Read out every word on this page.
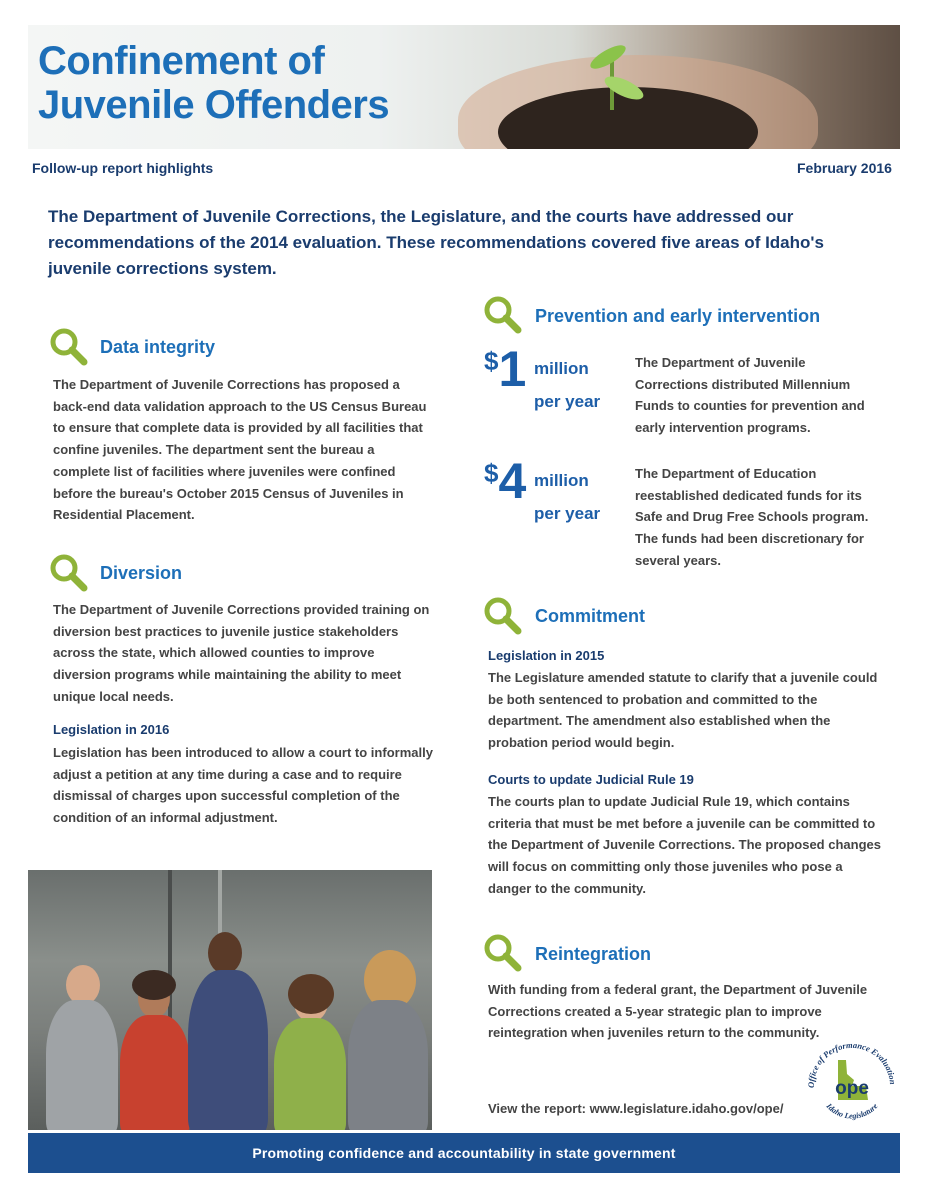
Confinement of
Juvenile Offenders
Follow-up report highlights	February 2016

The Department of Juvenile Corrections, the Legislature, and the courts have addressed our recommendations of the 2014 evaluation. These recommendations covered five areas of Idaho's juvenile corrections system.

Data integrity

The Department of Juvenile Corrections has proposed a back-end data validation approach to the US Census Bureau to ensure that complete data is provided by all facilities that confine juveniles. The department sent the bureau a complete list of facilities where juveniles were confined before the bureau's October 2015 Census of Juveniles in Residential Placement.

Diversion

The Department of Juvenile Corrections provided training on diversion best practices to juvenile justice stakeholders across the state, which allowed counties to improve diversion programs while maintaining the ability to meet unique local needs.

Legislation in 2016

Legislation has been introduced to allow a court to informally adjust a petition at any time during a case and to require dismissal of charges upon successful completion of the condition of an informal adjustment.

Prevention and early intervention
$1 million
per year

The Department of Juvenile Corrections distributed Millennium Funds to counties for prevention and early intervention programs.

$4 million
per year

The Department of Education reestablished dedicated funds for its Safe and Drug Free Schools program. The funds had been discretionary for several years.

Commitment
Legislation in 2015

The Legislature amended statute to clarify that a juvenile could be both sentenced to probation and committed to the department. The amendment also established when the probation period would begin.

Courts to update Judicial Rule 19

The courts plan to update Judicial Rule 19, which contains criteria that must be met before a juvenile can be committed to the Department of Juvenile Corrections. The proposed changes will focus on committing only those juveniles who pose a danger to the community.

Reintegration

With funding from a federal grant, the Department of Juvenile Corrections created a 5-year strategic plan to improve reintegration when juveniles return to the community.

Office of Performance Evaluation
Idaho Legislature
ope
View the report: www.legislature.idaho.gov/ope/
Promoting confidence and accountability in state government
